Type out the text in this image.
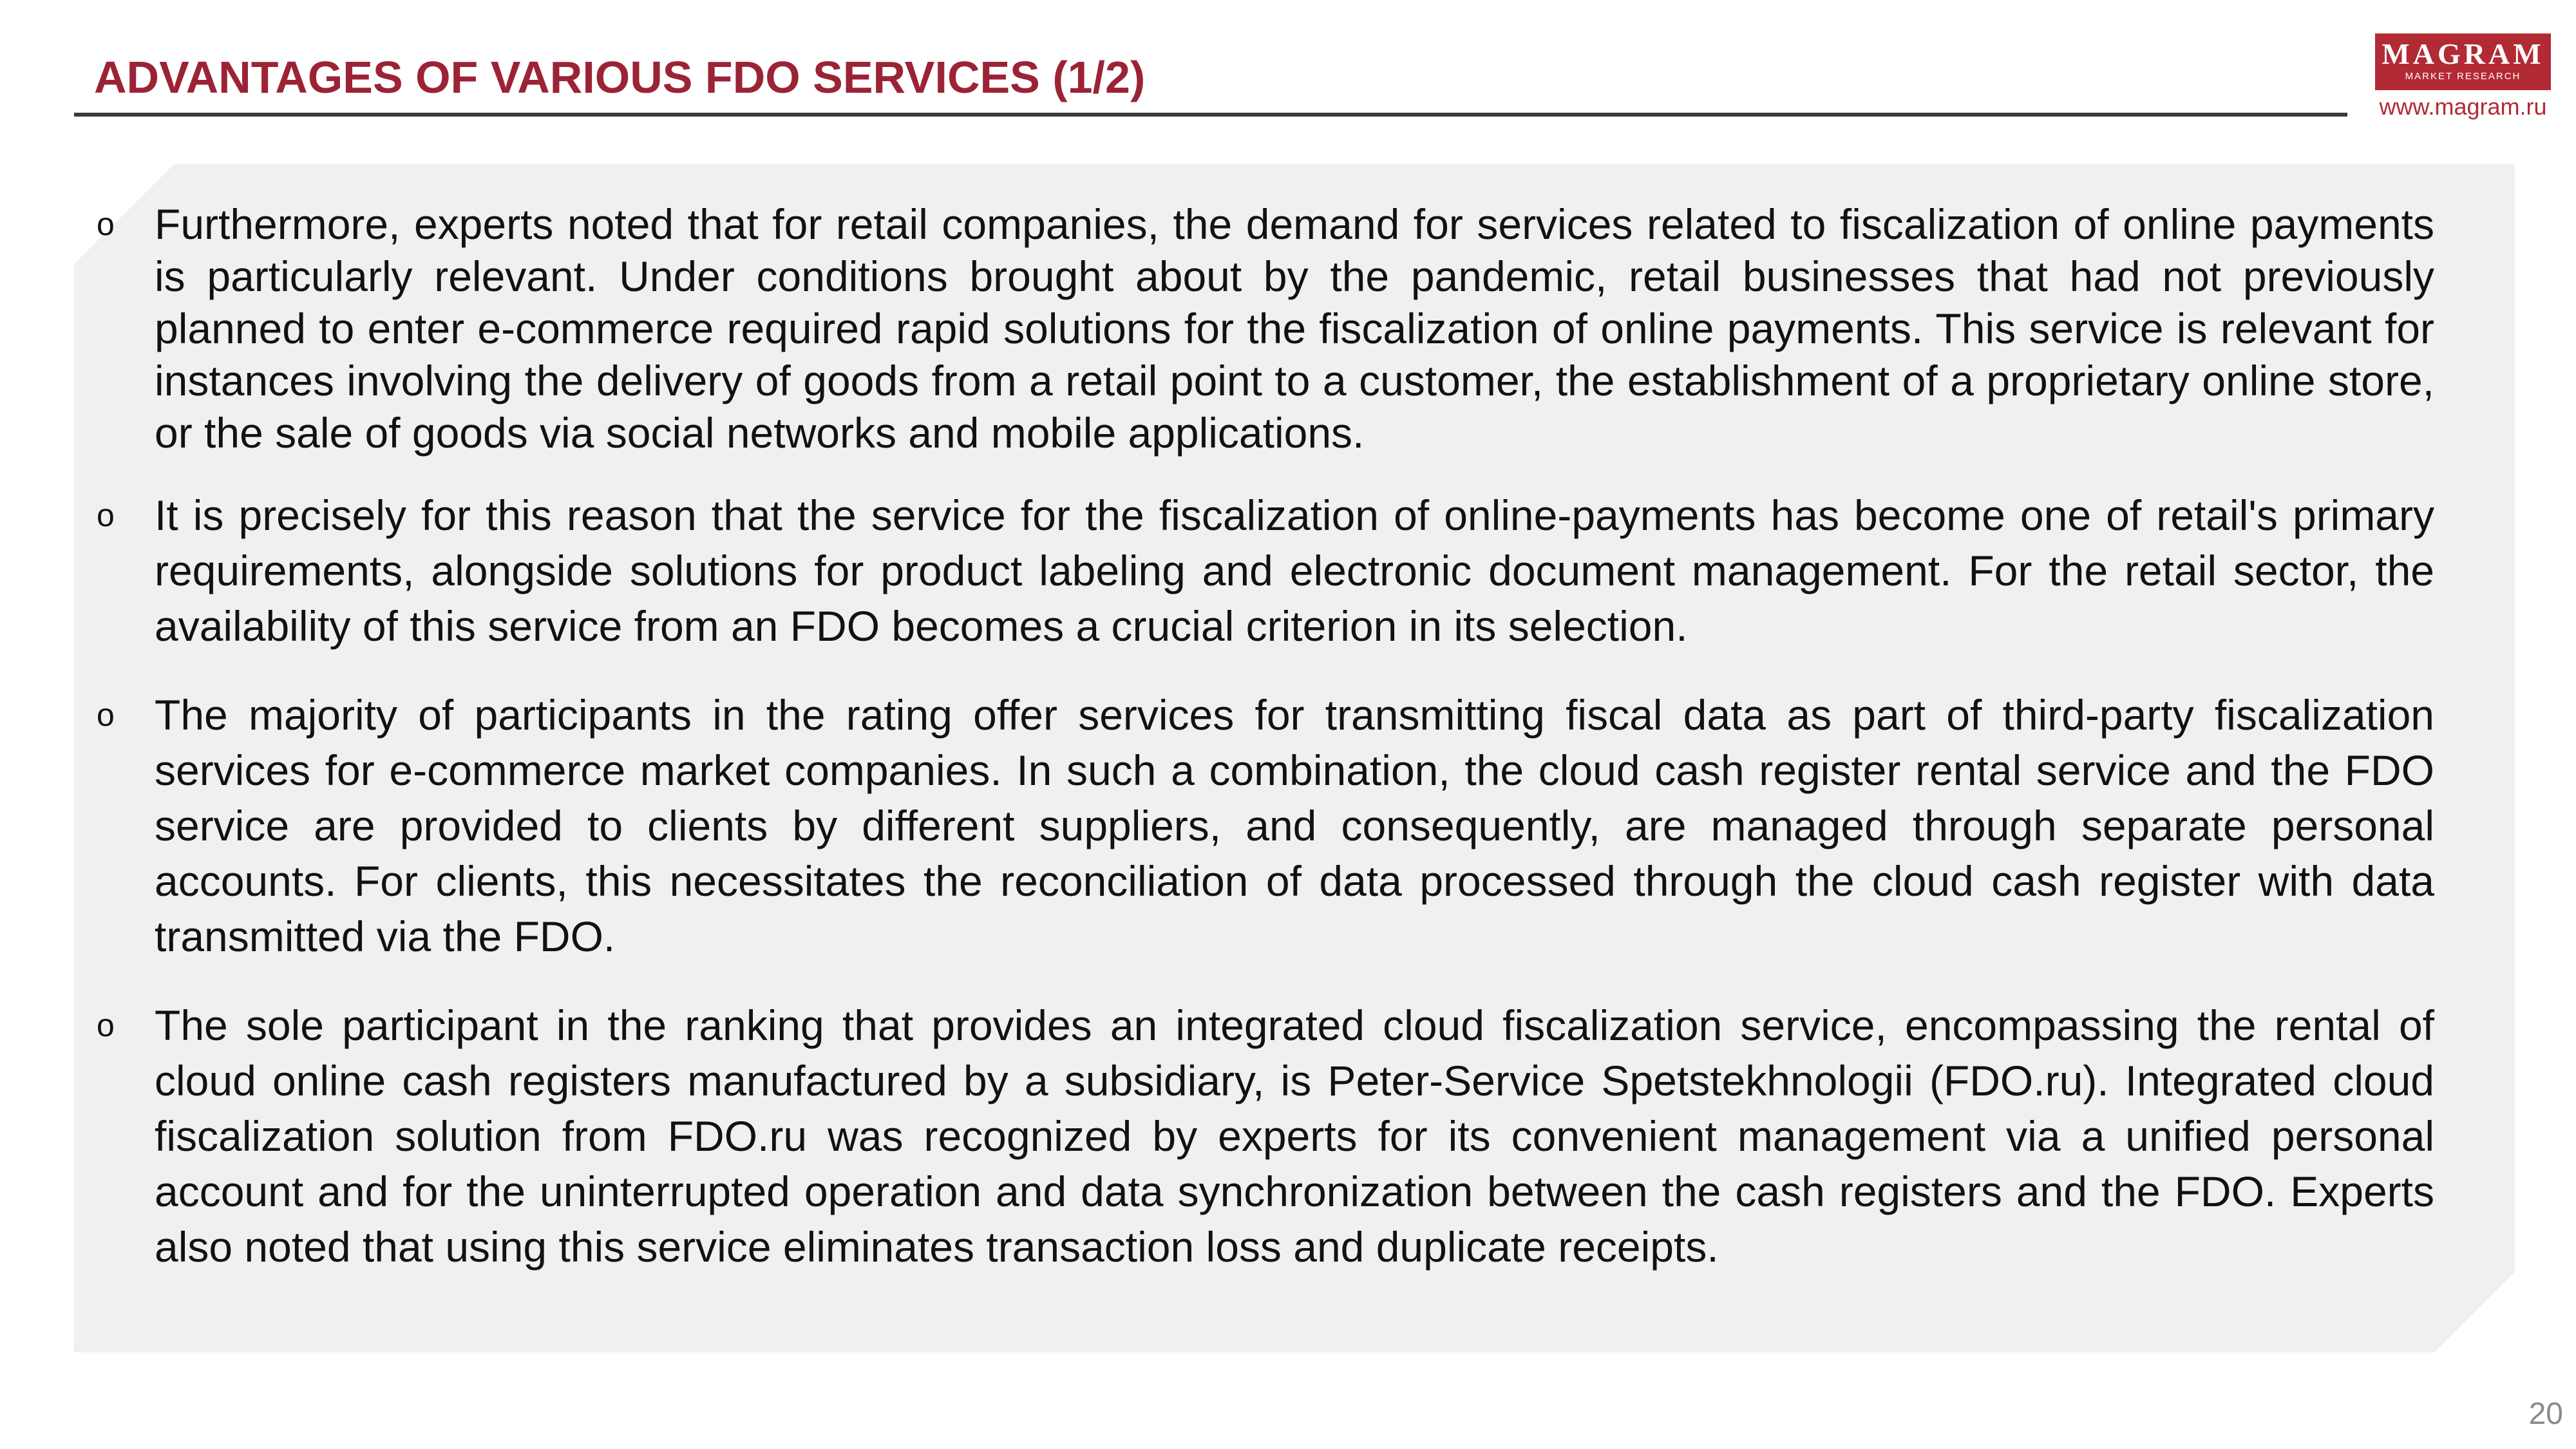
ADVANTAGES OF VARIOUS FDO SERVICES (1/2)	MAGRAM
MARKET RESEARCH
www.magram.ru
o Furthermore, experts noted that for retail companies, the demand for services related to fiscalization of online payments is particularly relevant. Under conditions brought about by the pandemic, retail businesses that had not previously planned to enter e-commerce required rapid solutions for the fiscalization of online payments. This service is relevant for instances involving the delivery of goods from a retail point to a customer, the establishment of a proprietary online store, or the sale of goods via social networks and mobile applications.
o It is precisely for this reason that the service for the fiscalization of online-payments has become one of retail's primary requirements, alongside solutions for product labeling and electronic document management. For the retail sector, the availability of this service from an FDO becomes a crucial criterion in its selection.
o The majority of participants in the rating offer services for transmitting fiscal data as part of third-party fiscalization services for e-commerce market companies. In such a combination, the cloud cash register rental service and the FDO service are provided to clients by different suppliers, and consequently, are managed through separate personal accounts. For clients, this necessitates the reconciliation of data processed through the cloud cash register with data transmitted via the FDO.
o The sole participant in the ranking that provides an integrated cloud fiscalization service, encompassing the rental of cloud online cash registers manufactured by a subsidiary, is Peter-Service Spetstekhnologii (FDO.ru). Integrated cloud fiscalization solution from FDO.ru was recognized by experts for its convenient management via a unified personal account and for the uninterrupted operation and data synchronization between the cash registers and the FDO. Experts also noted that using this service eliminates transaction loss and duplicate receipts.
20
